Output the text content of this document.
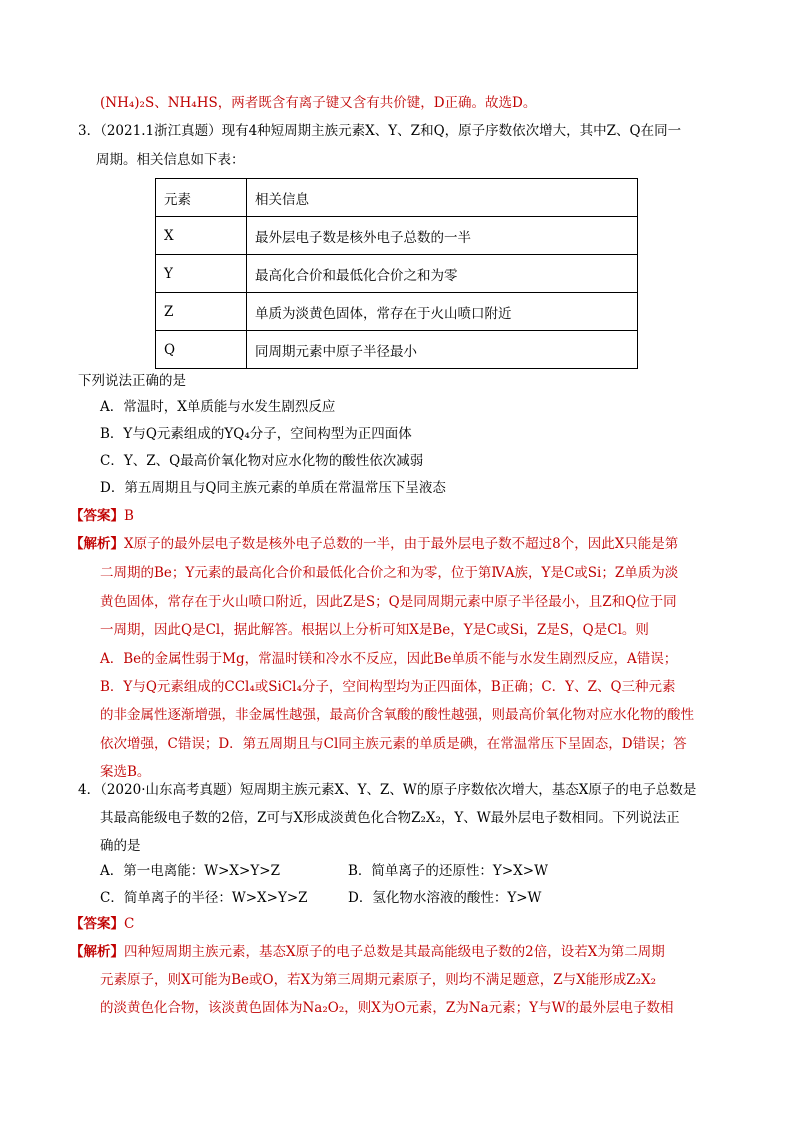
(NH₄)₂S、NH₄HS，两者既含有离子键又含有共价键，D正确。故选D。
3．（2021.1浙江真题）现有4种短周期主族元素X、Y、Z和Q，原子序数依次增大，其中Z、Q在同一
周期。相关信息如下表：
元素	相关信息
X	最外层电子数是核外电子总数的一半
Y	最高化合价和最低化合价之和为零
Z	单质为淡黄色固体，常存在于火山喷口附近
Q	同周期元素中原子半径最小
下列说法正确的是
A．常温时，X单质能与水发生剧烈反应
B．Y与Q元素组成的YQ₄分子，空间构型为正四面体
C．Y、Z、Q最高价氧化物对应水化物的酸性依次减弱
D．第五周期且与Q同主族元素的单质在常温常压下呈液态
【答案】B
【解析】X原子的最外层电子数是核外电子总数的一半，由于最外层电子数不超过8个，因此X只能是第
二周期的Be；Y元素的最高化合价和最低化合价之和为零，位于第ⅣA族，Y是C或Si；Z单质为淡
黄色固体，常存在于火山喷口附近，因此Z是S；Q是同周期元素中原子半径最小，且Z和Q位于同
一周期，因此Q是Cl，据此解答。根据以上分析可知X是Be，Y是C或Si，Z是S，Q是Cl。则
A．Be的金属性弱于Mg，常温时镁和冷水不反应，因此Be单质不能与水发生剧烈反应，A错误；
B．Y与Q元素组成的CCl₄或SiCl₄分子，空间构型均为正四面体，B正确；C．Y、Z、Q三种元素
的非金属性逐渐增强，非金属性越强，最高价含氧酸的酸性越强，则最高价氧化物对应水化物的酸性
依次增强，C错误；D．第五周期且与Cl同主族元素的单质是碘，在常温常压下呈固态，D错误；答
案选B。
4．（2020·山东高考真题）短周期主族元素X、Y、Z、W的原子序数依次增大，基态X原子的电子总数是
其最高能级电子数的2倍，Z可与X形成淡黄色化合物Z₂X₂，Y、W最外层电子数相同。下列说法正
确的是
A．第一电离能：W>X>Y>Z	B．简单离子的还原性：Y>X>W
C．简单离子的半径：W>X>Y>Z	D．氢化物水溶液的酸性：Y>W
【答案】C
【解析】四种短周期主族元素，基态X原子的电子总数是其最高能级电子数的2倍，设若X为第二周期
元素原子，则X可能为Be或O，若X为第三周期元素原子，则均不满足题意，Z与X能形成Z₂X₂
的淡黄色化合物，该淡黄色固体为Na₂O₂，则X为O元素，Z为Na元素；Y与W的最外层电子数相
